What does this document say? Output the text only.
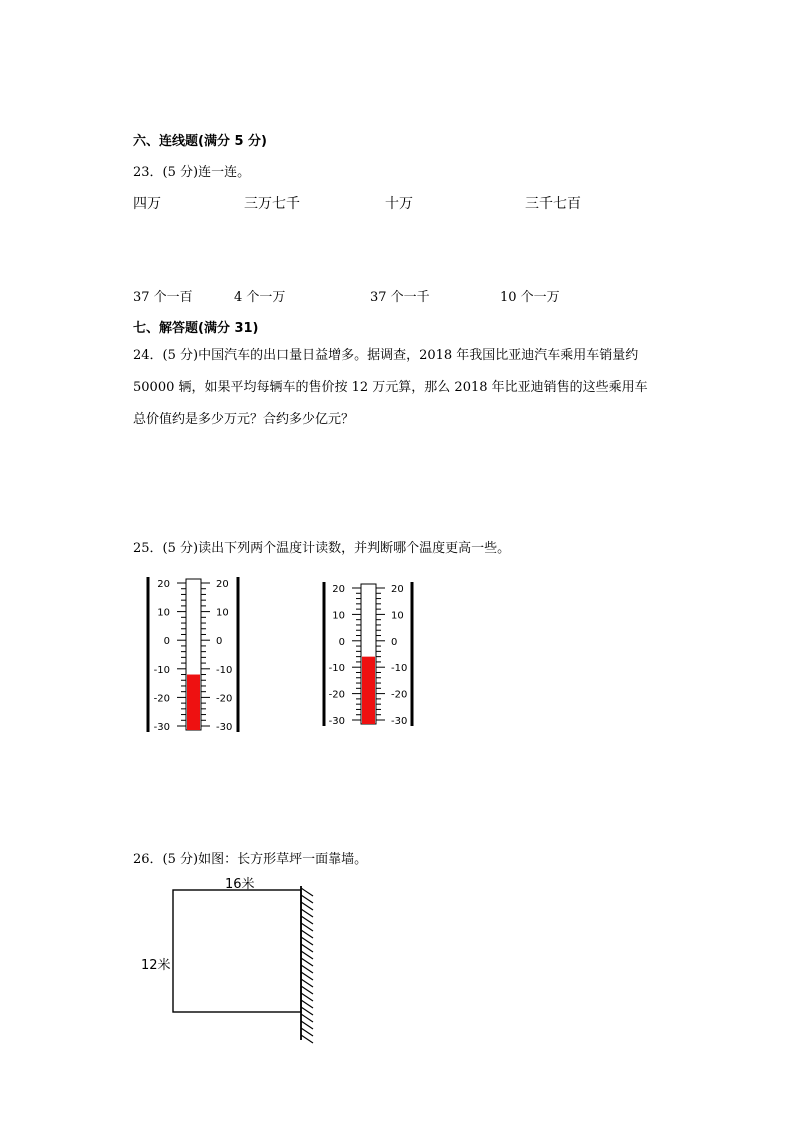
六、连线题(满分 5 分)
23．(5 分)连一连。
四万	三万七千	十万	三千七百
37 个一百	4 个一万	37 个一千	10 个一万
七、解答题(满分 31)
24．(5 分)中国汽车的出口量日益增多。据调查，2018 年我国比亚迪汽车乘用车销量约
50000 辆，如果平均每辆车的售价按 12 万元算，那么 2018 年比亚迪销售的这些乘用车
总价值约是多少万元？合约多少亿元？
25．(5 分)读出下列两个温度计读数，并判断哪个温度更高一些。
20	20
10	10
0	0
-10	-10
-20	-20
-30	-30
20	20
10	10
0	0
-10	-10
-20	-20
-30	-30
26．(5 分)如图：长方形草坪一面靠墙。
16米
12米
